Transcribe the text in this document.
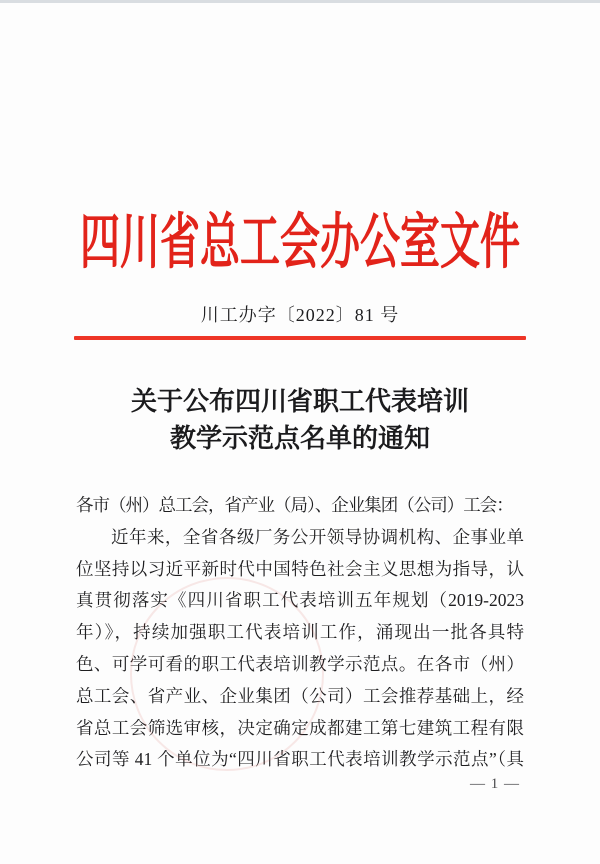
四川省总工会办公室文件
川工办字〔2022〕81 号
关于公布四川省职工代表培训
教学示范点名单的通知
各市（州）总工会，省产业（局）、企业集团（公司）工会：
近年来，全省各级厂务公开领导协调机构、企事业单
位坚持以习近平新时代中国特色社会主义思想为指导，认
真贯彻落实《四川省职工代表培训五年规划（2019-2023
年）》，持续加强职工代表培训工作，涌现出一批各具特
色、可学可看的职工代表培训教学示范点。在各市（州）
总工会、省产业、企业集团（公司）工会推荐基础上，经
省总工会筛选审核，决定确定成都建工第七建筑工程有限
公司等 41 个单位为“四川省职工代表培训教学示范点”（具
— 1 —
